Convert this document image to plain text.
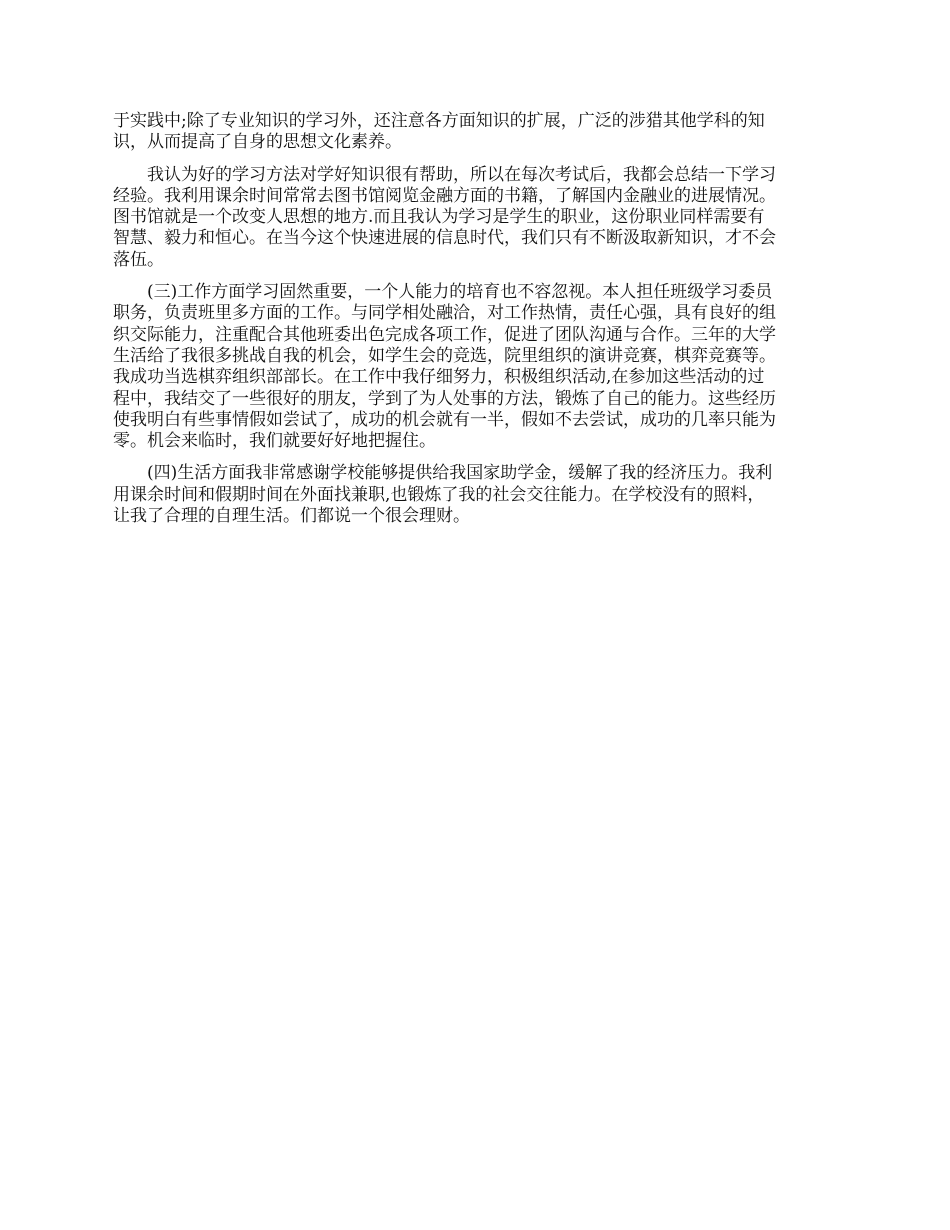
于实践中;除了专业知识的学习外，还注意各方面知识的扩展，广泛的涉猎其他学科的知
识，从而提高了自身的思想文化素养。
　　我认为好的学习方法对学好知识很有帮助，所以在每次考试后，我都会总结一下学习
经验。我利用课余时间常常去图书馆阅览金融方面的书籍，了解国内金融业的进展情况。
图书馆就是一个改变人思想的地方.而且我认为学习是学生的职业，这份职业同样需要有
智慧、毅力和恒心。在当今这个快速进展的信息时代，我们只有不断汲取新知识，才不会
落伍。
　　(三)工作方面学习固然重要，一个人能力的培育也不容忽视。本人担任班级学习委员
职务，负责班里多方面的工作。与同学相处融洽，对工作热情，责任心强，具有良好的组
织交际能力，注重配合其他班委出色完成各项工作，促进了团队沟通与合作。三年的大学
生活给了我很多挑战自我的机会，如学生会的竞选，院里组织的演讲竞赛，棋弈竞赛等。
我成功当选棋弈组织部部长。在工作中我仔细努力，积极组织活动,在参加这些活动的过
程中，我结交了一些很好的朋友，学到了为人处事的方法，锻炼了自己的能力。这些经历
使我明白有些事情假如尝试了，成功的机会就有一半，假如不去尝试，成功的几率只能为
零。机会来临时，我们就要好好地把握住。
　　(四)生活方面我非常感谢学校能够提供给我国家助学金，缓解了我的经济压力。我利
用课余时间和假期时间在外面找兼职,也锻炼了我的社会交往能力。在学校没有的照料，
让我了合理的自理生活。们都说一个很会理财。
